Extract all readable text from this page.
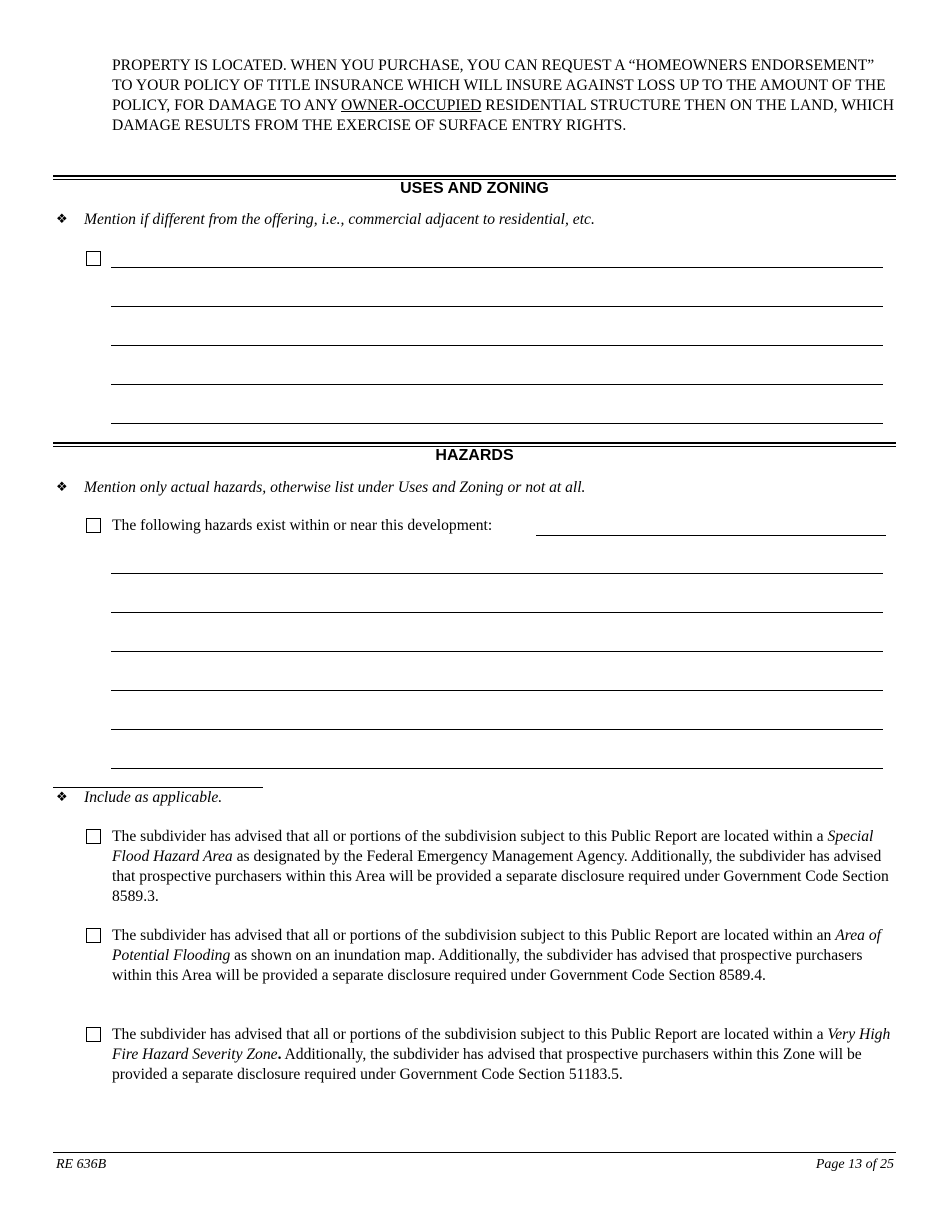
PROPERTY IS LOCATED. WHEN YOU PURCHASE, YOU CAN REQUEST A “HOMEOWNERS ENDORSEMENT” TO YOUR POLICY OF TITLE INSURANCE WHICH WILL INSURE AGAINST LOSS UP TO THE AMOUNT OF THE POLICY, FOR DAMAGE TO ANY OWNER-OCCUPIED RESIDENTIAL STRUCTURE THEN ON THE LAND, WHICH DAMAGE RESULTS FROM THE EXERCISE OF SURFACE ENTRY RIGHTS.
USES AND ZONING
❖ Mention if different from the offering, i.e., commercial adjacent to residential, etc.
HAZARDS
❖ Mention only actual hazards, otherwise list under Uses and Zoning or not at all.
The following hazards exist within or near this development:
❖ Include as applicable.
The subdivider has advised that all or portions of the subdivision subject to this Public Report are located within a Special Flood Hazard Area as designated by the Federal Emergency Management Agency. Additionally, the subdivider has advised that prospective purchasers within this Area will be provided a separate disclosure required under Government Code Section 8589.3.
The subdivider has advised that all or portions of the subdivision subject to this Public Report are located within an Area of Potential Flooding as shown on an inundation map. Additionally, the subdivider has advised that prospective purchasers within this Area will be provided a separate disclosure required under Government Code Section 8589.4.
The subdivider has advised that all or portions of the subdivision subject to this Public Report are located within a Very High Fire Hazard Severity Zone. Additionally, the subdivider has advised that prospective purchasers within this Zone will be provided a separate disclosure required under Government Code Section 51183.5.
RE 636B	Page 13 of 25
